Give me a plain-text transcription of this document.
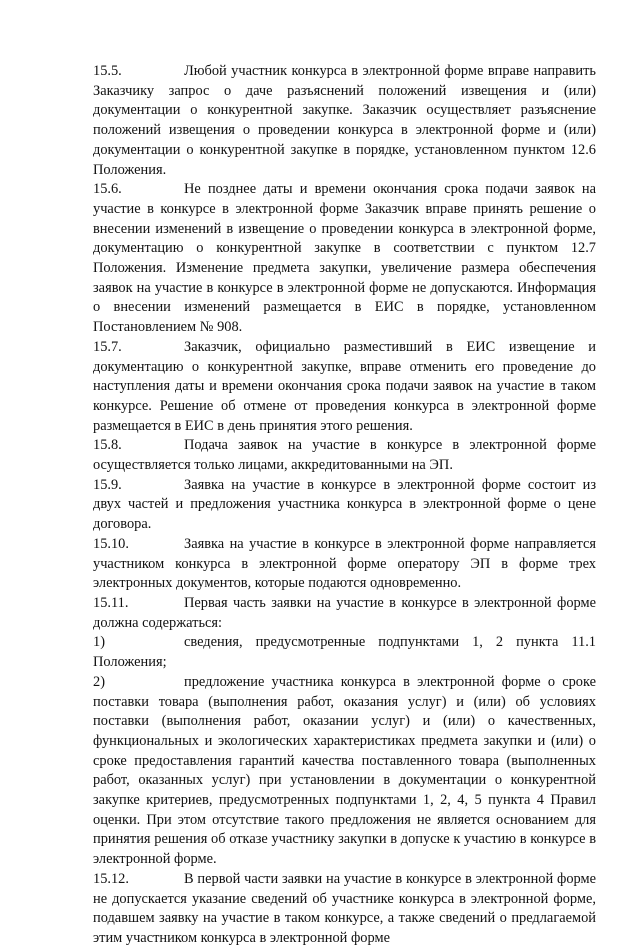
15.5.	Любой участник конкурса в электронной форме вправе направить Заказчику запрос о даче разъяснений положений извещения и (или) документации о конкурентной закупке. Заказчик осуществляет разъяснение положений извещения о проведении конкурса в электронной форме и (или) документации о конкурентной закупке в порядке, установленном пунктом 12.6 Положения.

15.6.	Не позднее даты и времени окончания срока подачи заявок на участие в конкурсе в электронной форме Заказчик вправе принять решение о внесении изменений в извещение о проведении конкурса в электронной форме, документацию о конкурентной закупке в соответствии с пунктом 12.7 Положения. Изменение предмета закупки, увеличение размера обеспечения заявок на участие в конкурсе в электронной форме не допускаются. Информация о внесении изменений размещается в ЕИС в порядке, установленном Постановлением № 908.

15.7.	Заказчик, официально разместивший в ЕИС извещение и документацию о конкурентной закупке, вправе отменить его проведение до наступления даты и времени окончания срока подачи заявок на участие в таком конкурсе. Решение об отмене от проведения конкурса в электронной форме размещается в ЕИС в день принятия этого решения.

15.8.	Подача заявок на участие в конкурсе в электронной форме осуществляется только лицами, аккредитованными на ЭП.

15.9.	Заявка на участие в конкурсе в электронной форме состоит из двух частей и предложения участника конкурса в электронной форме о цене договора.

15.10.	Заявка на участие в конкурсе в электронной форме направляется участником конкурса в электронной форме оператору ЭП в форме трех электронных документов, которые подаются одновременно.

15.11.	Первая часть заявки на участие в конкурсе в электронной форме должна содержаться:

1)	сведения, предусмотренные подпунктами 1, 2 пункта 11.1 Положения;

2)	предложение участника конкурса в электронной форме о сроке поставки товара (выполнения работ, оказания услуг) и (или) об условиях поставки (выполнения работ, оказании услуг) и (или) о качественных, функциональных и экологических характеристиках предмета закупки и (или) о сроке предоставления гарантий качества поставленного товара (выполненных работ, оказанных услуг) при установлении в документации о конкурентной закупке критериев, предусмотренных подпунктами 1, 2, 4, 5 пункта 4 Правил оценки. При этом отсутствие такого предложения не является основанием для принятия решения об отказе участнику закупки в допуске к участию в конкурсе в электронной форме.

15.12.	В первой части заявки на участие в конкурсе в электронной форме не допускается указание сведений об участнике конкурса в электронной форме, подавшем заявку на участие в таком конкурсе, а также сведений о предлагаемой этим участником конкурса в электронной форме
